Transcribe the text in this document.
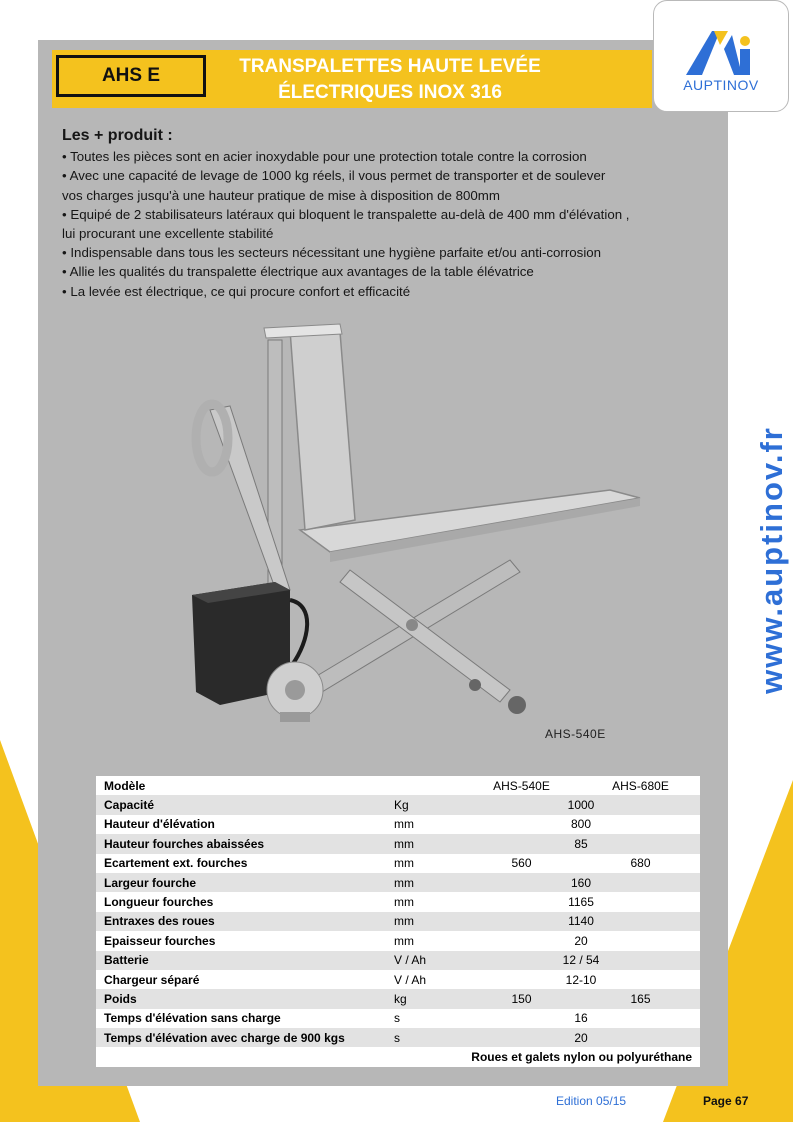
AHS E	TRANSPALETTES HAUTE LEVÉE
ÉLECTRIQUES INOX 316	AUPTINOV
Les + produit :
• Toutes les pièces sont en acier inoxydable pour une protection totale contre la corrosion
• Avec une capacité de levage de 1000 kg réels, il vous permet de transporter et de soulever
vos charges jusqu'à une hauteur pratique de mise à disposition de 800mm
• Equipé de 2 stabilisateurs latéraux qui bloquent le transpalette au-delà de 400 mm d'élévation ,
lui procurant une excellente stabilité
• Indispensable dans tous les secteurs nécessitant une hygiène parfaite et/ou anti-corrosion
• Allie les qualités du transpalette électrique aux avantages de la table élévatrice
• La levée est électrique, ce qui procure confort et efficacité
AHS-540E
www.auptinov.fr
Modèle		AHS-540E	AHS-680E
Capacité	Kg	1000	
Hauteur d'élévation	mm	800	
Hauteur fourches abaissées	mm	85	
Ecartement ext. fourches	mm	560	680
Largeur fourche	mm	160	
Longueur fourches	mm	1165	
Entraxes des roues	mm	1140	
Epaisseur fourches	mm	20	
Batterie	V / Ah	12 / 54	
Chargeur séparé	V / Ah	12-10	
Poids	kg	150	165
Temps d'élévation sans charge	s	16	
Temps d'élévation avec charge de 900 kgs	s	20	
Roues et galets nylon ou polyuréthane			
Edition 05/15	Page 67
